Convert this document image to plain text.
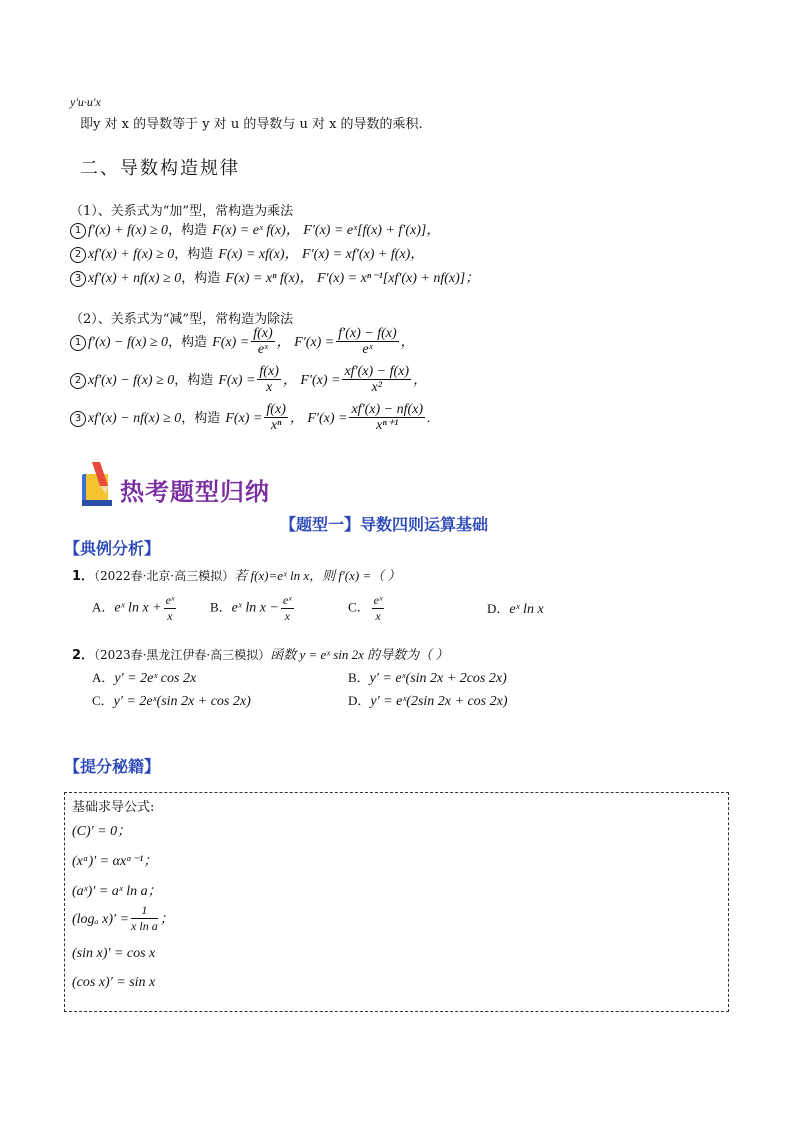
y'u·u'x
即y 对 x 的导数等于 y 对 u 的导数与 u 对 x 的导数的乘积.
二、导数构造规律
（1）、关系式为“加”型，常构造为乘法
1 f′(x) + f(x) ≥ 0，构造 F(x) = eˣ f(x)， F′(x) = eˣ[f(x) + f′(x)]，
2 xf′(x) + f(x) ≥ 0，构造 F(x) = xf(x)， F′(x) = xf′(x) + f(x)，
3 xf′(x) + nf(x) ≥ 0，构造 F(x) = xⁿ f(x)， F′(x) = xⁿ⁻¹[xf′(x) + nf(x)]；
（2）、关系式为“减”型，常构造为除法
1 f′(x) − f(x) ≥ 0，构造 $F(x) = \frac{f(x)}{\text{eˣ}}$ ， $F'(x) = \frac{f'(x) - f(x)}{\text{eˣ}}$ ，
2 xf′(x) − f(x) ≥ 0，构造 $F(x) = \frac{f(x)}{x}$ ， $F'(x) = \frac{xf'(x) - f(x)}{\text{x²}}$ ，
3 xf′(x) − nf(x) ≥ 0，构造 $F(x) = \frac{f(x)}{\text{xⁿ}}$ ， $F'(x) = \frac{xf'(x) - nf(x)}{\text{xⁿ⁺¹}}$ .
热考题型归纳
【题型一】导数四则运算基础
【典例分析】
1．（2022春·北京·高三模拟）若 f(x)=eˣ ln x，则 f′(x) =（ ）
A．eˣ $\ln x + \frac{\text{eˣ}}{x}$	B．eˣ $\ln x - \frac{\text{eˣ}}{x}$	C． $\frac{\text{eˣ}}{x}$	D．eˣ ln x
2．（2023春·黑龙江伊春·高三模拟）函数 y = eˣ sin 2x 的导数为（ ）
A．y′ = 2eˣ cos 2x	B．y′ = eˣ(sin 2x + 2cos 2x)
C．y′ = 2eˣ(sin 2x + cos 2x)	D．y′ = eˣ(2sin 2x + cos 2x)
【提分秘籍】
基础求导公式:
(C)′ = 0；
(xᵅ)′ = αxᵅ⁻¹；
(aˣ)′ = aˣ ln a；
(logₐ $x)' = \frac{1}{\text{x ln a}}$ ；
(sin x)′ = cos x
(cos x)′ = sin x
